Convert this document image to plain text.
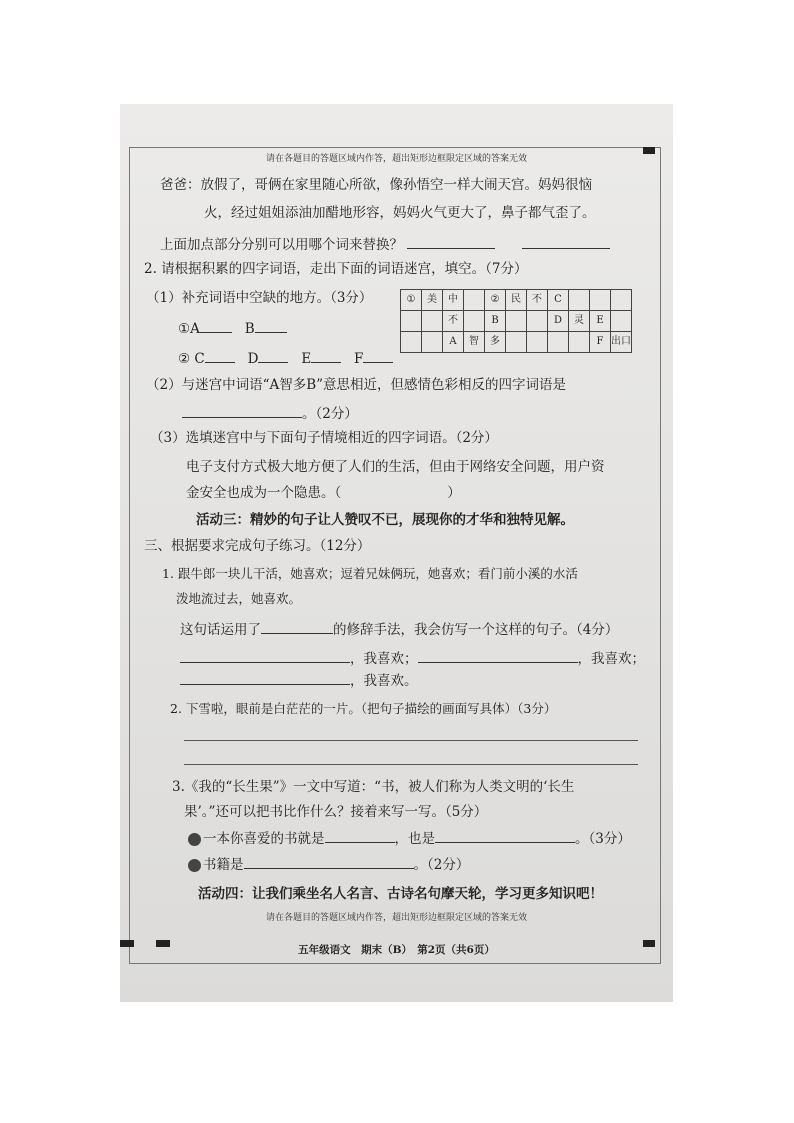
请在各题目的答题区域内作答，超出矩形边框限定区域的答案无效
爸爸：放假了，哥俩在家里随心所欲，像孙悟空一样大闹天宫。妈妈很恼
火，经过姐姐添油加醋地形容，妈妈火气更大了，鼻子都气歪了。
上面加点部分分别可以用哪个词来替换？
2. 请根据积累的四字词语，走出下面的词语迷宫，填空。（7分）
（1）补充词语中空缺的地方。（3分）
①A	B
② C	D	E	F
①	美	中		②	民	不	C			
		不		B			D	灵	E	
		A	智	多					F	出口
（2）与迷宫中词语“A智多B”意思相近，但感情色彩相反的四字词语是
。（2分）
（3）选填迷宫中与下面句子情境相近的四字词语。（2分）
电子支付方式极大地方便了人们的生活，但由于网络安全问题，用户资
金安全也成为一个隐患。（	）
活动三：精妙的句子让人赞叹不已，展现你的才华和独特见解。
三、根据要求完成句子练习。（12分）
1. 跟牛郎一块儿干活，她喜欢；逗着兄妹俩玩，她喜欢；看门前小溪的水活
泼地流过去，她喜欢。
这句话运用了	的修辞手法，我会仿写一个这样的句子。（4分）
，我喜欢；	，我喜欢；
，我喜欢。
2. 下雪啦，眼前是白茫茫的一片。（把句子描绘的画面写具体）（3分）
3.《我的“长生果”》一文中写道：“书，被人们称为人类文明的‘长生
果’。”还可以把书比作什么？接着来写一写。（5分）
一本你喜爱的书就是	，也是	。（3分）
书籍是	。（2分）
活动四：让我们乘坐名人名言、古诗名句摩天轮，学习更多知识吧！
请在各题目的答题区域内作答，超出矩形边框限定区域的答案无效
五年级语文　期末（B）　第2页（共6页）
